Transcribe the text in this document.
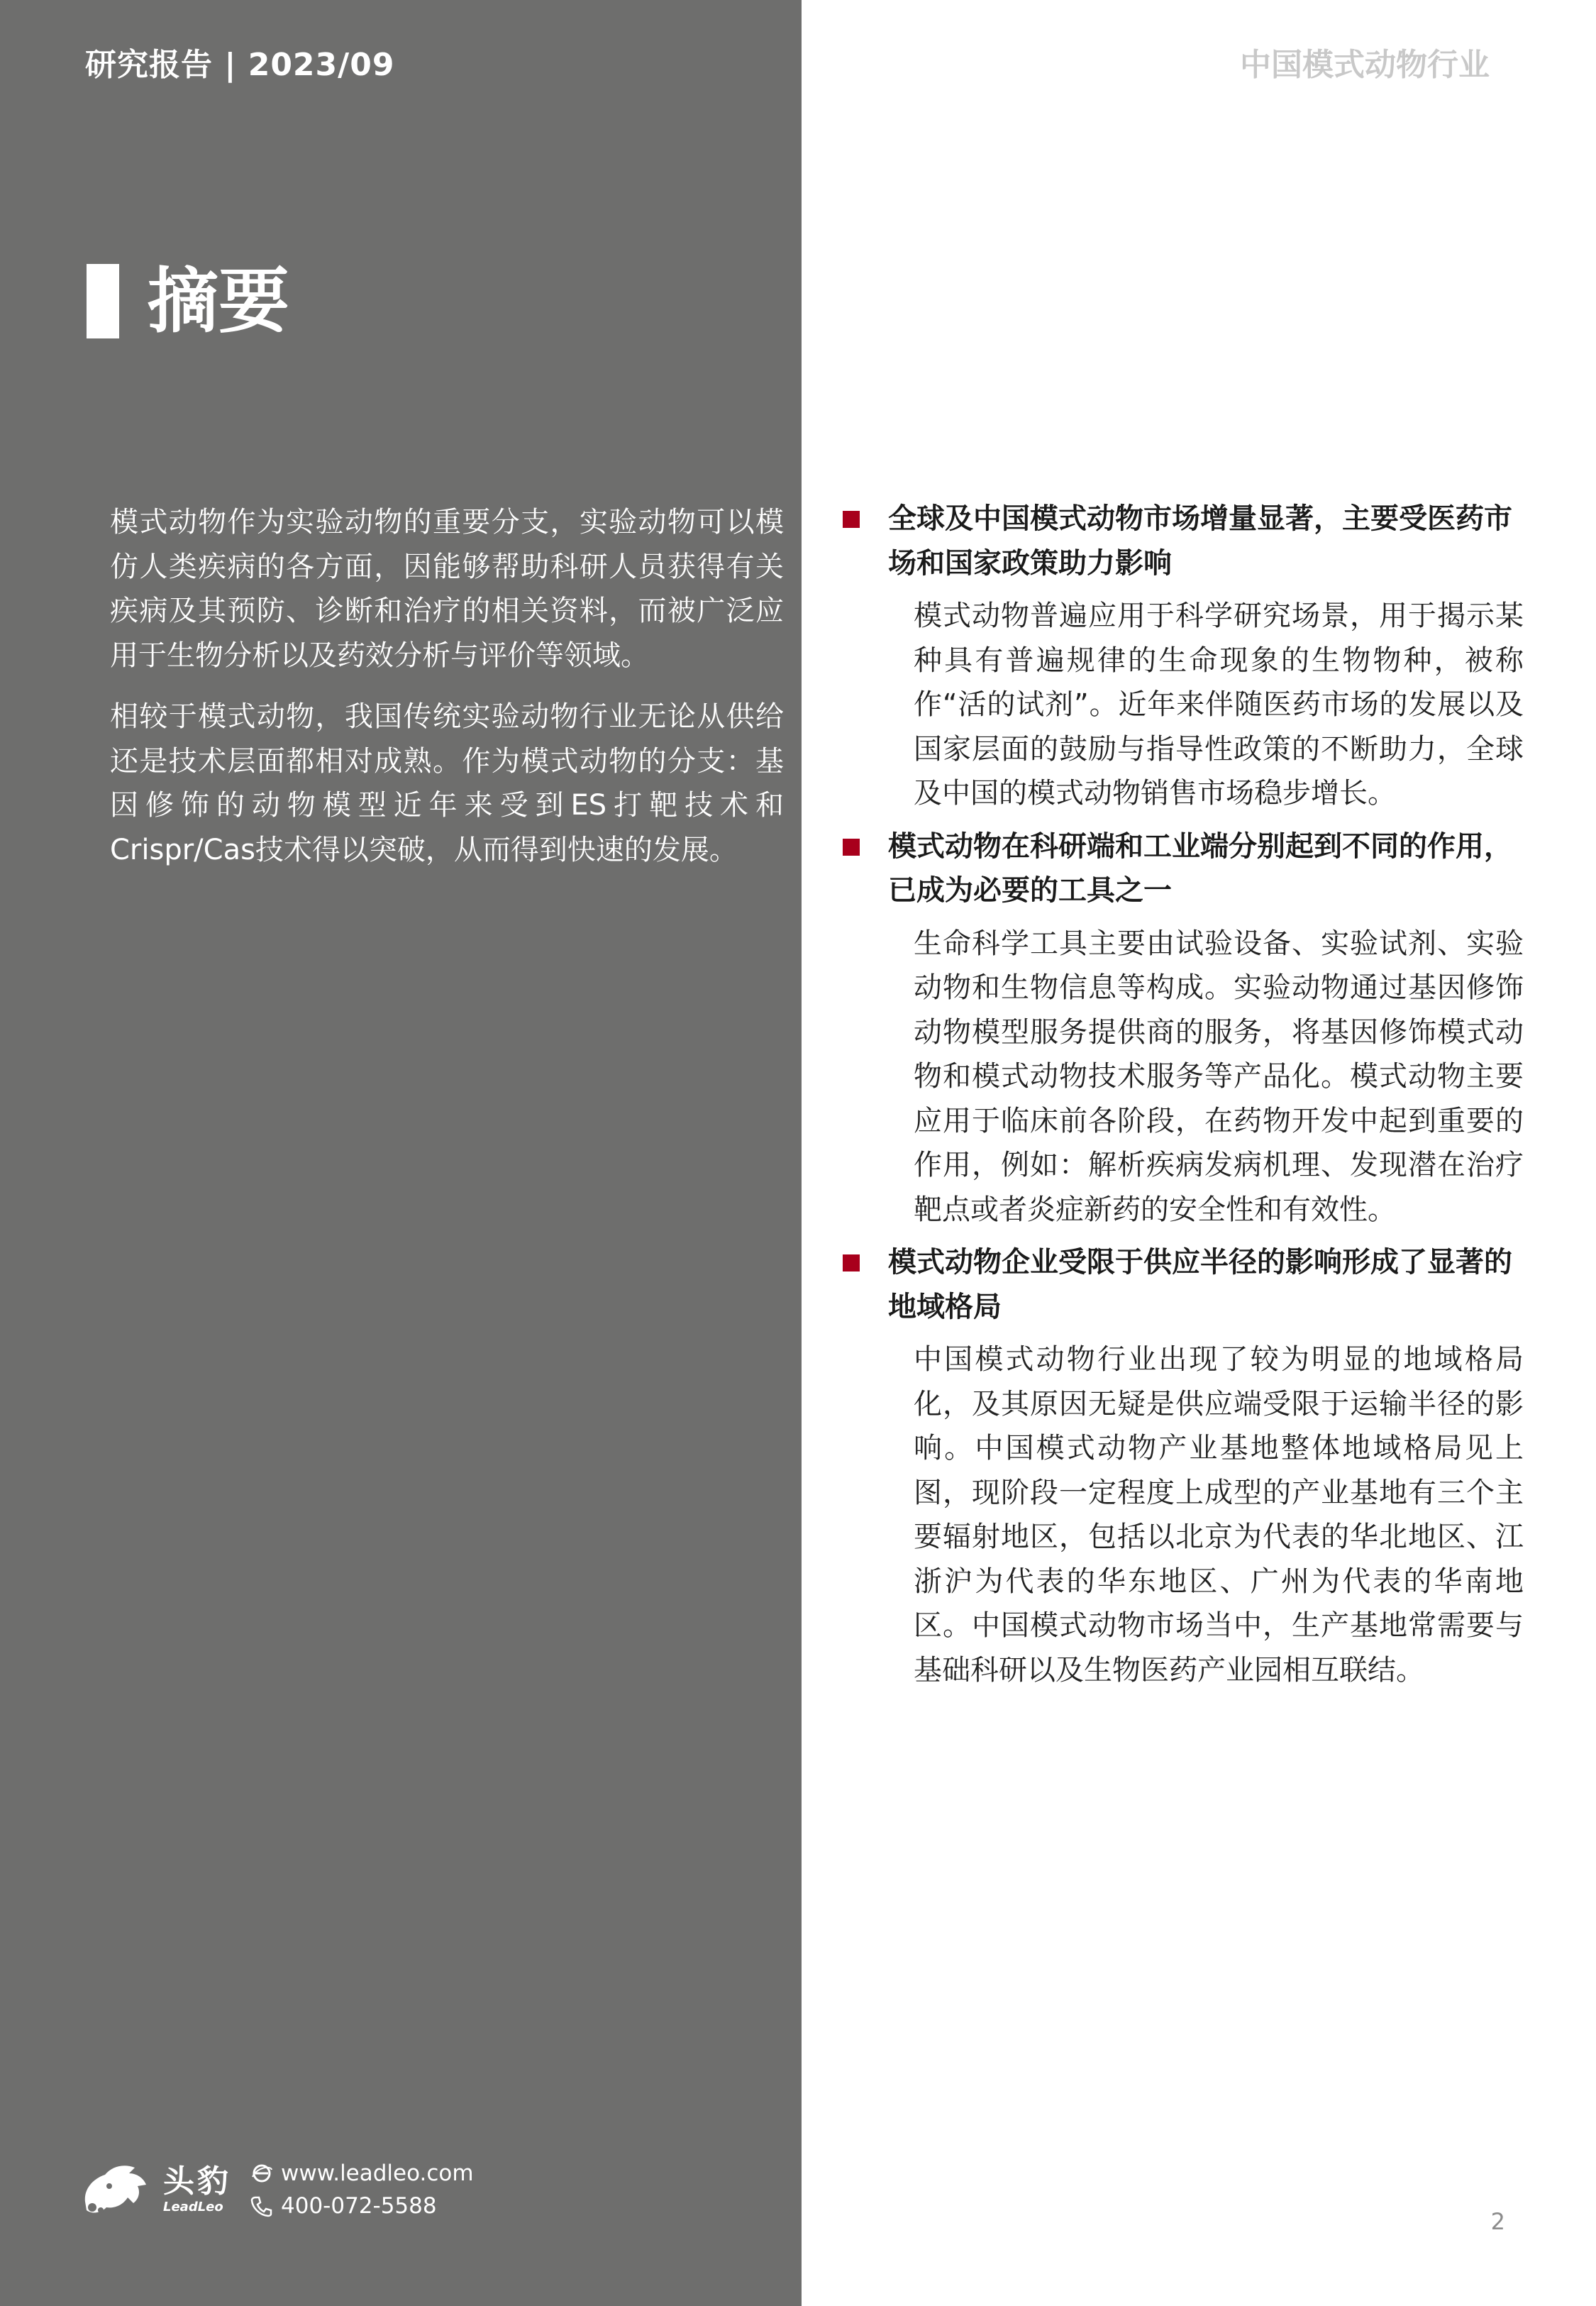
研究报告 | 2023/09	中国模式动物行业
摘要

模式动物作为实验动物的重要分支，实验动物可以模仿人类疾病的各方面，因能够帮助科研人员获得有关疾病及其预防、诊断和治疗的相关资料，而被广泛应用于生物分析以及药效分析与评价等领域。

相较于模式动物，我国传统实验动物行业无论从供给还是技术层面都相对成熟。作为模式动物的分支：基因修饰的动物模型近年来受到ES打靶技术和Crispr/Cas技术得以突破，从而得到快速的发展。

全球及中国模式动物市场增量显著，主要受医药市场和国家政策助力影响
模式动物普遍应用于科学研究场景，用于揭示某种具有普遍规律的生命现象的生物物种，被称作“活的试剂”。近年来伴随医药市场的发展以及国家层面的鼓励与指导性政策的不断助力，全球及中国的模式动物销售市场稳步增长。
模式动物在科研端和工业端分别起到不同的作用，已成为必要的工具之一
生命科学工具主要由试验设备、实验试剂、实验动物和生物信息等构成。实验动物通过基因修饰动物模型服务提供商的服务，将基因修饰模式动物和模式动物技术服务等产品化。模式动物主要应用于临床前各阶段，在药物开发中起到重要的作用，例如：解析疾病发病机理、发现潜在治疗靶点或者炎症新药的安全性和有效性。
模式动物企业受限于供应半径的影响形成了显著的地域格局
中国模式动物行业出现了较为明显的地域格局化，及其原因无疑是供应端受限于运输半径的影响。中国模式动物产业基地整体地域格局见上图，现阶段一定程度上成型的产业基地有三个主要辐射地区，包括以北京为代表的华北地区、江浙沪为代表的华东地区、广州为代表的华南地区。中国模式动物市场当中，生产基地常需要与基础科研以及生物医药产业园相互联结。
头豹
LeadLeo
www.leadleo.com
400-072-5588
2
